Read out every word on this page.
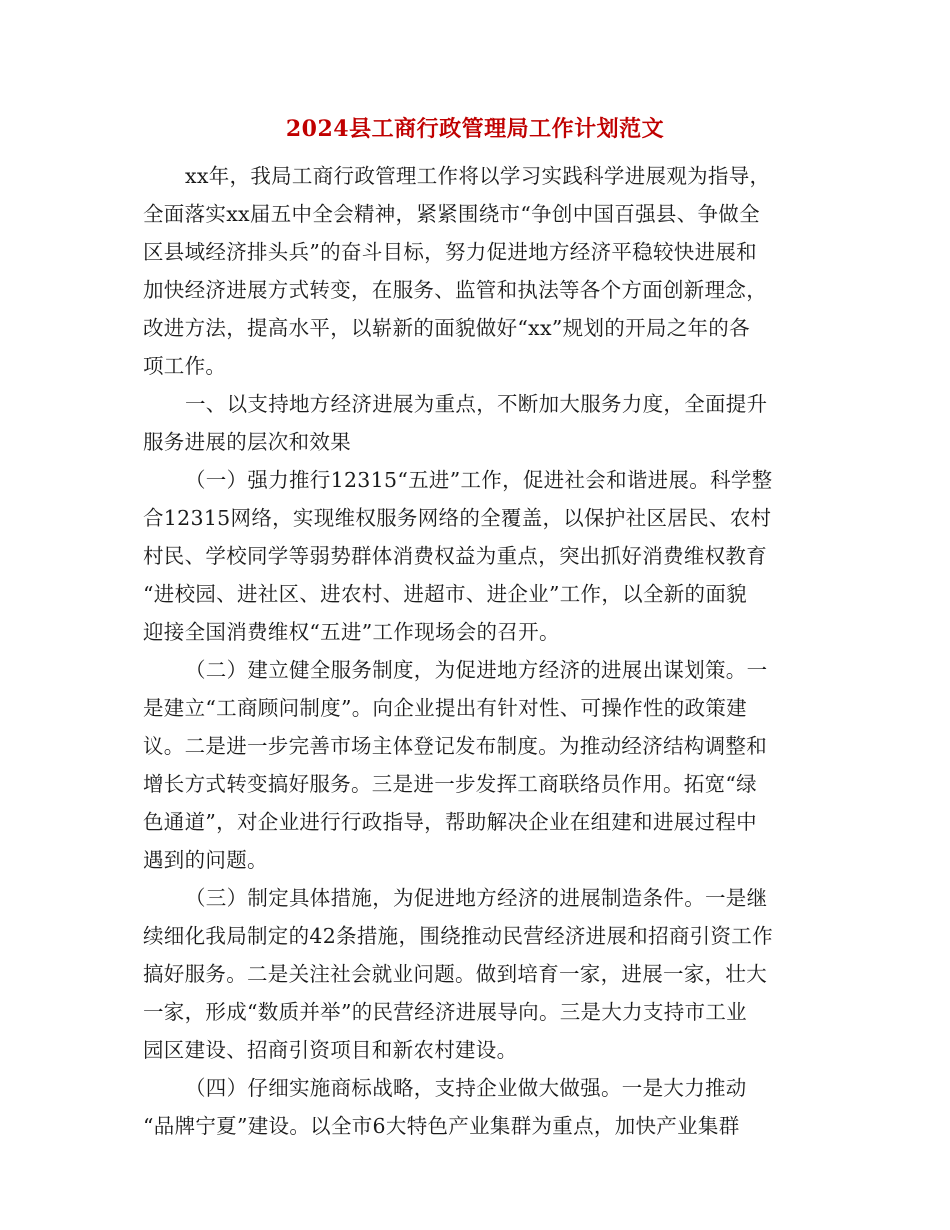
2024县工商行政管理局工作计划范文
xx年，我局工商行政管理工作将以学习实践科学进展观为指导，
全面落实xx届五中全会精神，紧紧围绕市“争创中国百强县、争做全
区县域经济排头兵”的奋斗目标，努力促进地方经济平稳较快进展和
加快经济进展方式转变，在服务、监管和执法等各个方面创新理念，
改进方法，提高水平，以崭新的面貌做好“xx”规划的开局之年的各
项工作。
一、以支持地方经济进展为重点，不断加大服务力度，全面提升
服务进展的层次和效果
（一）强力推行12315“五进”工作，促进社会和谐进展。科学整
合12315网络，实现维权服务网络的全覆盖，以保护社区居民、农村
村民、学校同学等弱势群体消费权益为重点，突出抓好消费维权教育
“进校园、进社区、进农村、进超市、进企业”工作，以全新的面貌
迎接全国消费维权“五进”工作现场会的召开。
（二）建立健全服务制度，为促进地方经济的进展出谋划策。一
是建立“工商顾问制度”。向企业提出有针对性、可操作性的政策建
议。二是进一步完善市场主体登记发布制度。为推动经济结构调整和
增长方式转变搞好服务。三是进一步发挥工商联络员作用。拓宽“绿
色通道”，对企业进行行政指导，帮助解决企业在组建和进展过程中
遇到的问题。
（三）制定具体措施，为促进地方经济的进展制造条件。一是继
续细化我局制定的42条措施，围绕推动民营经济进展和招商引资工作
搞好服务。二是关注社会就业问题。做到培育一家，进展一家，壮大
一家，形成“数质并举”的民营经济进展导向。三是大力支持市工业
园区建设、招商引资项目和新农村建设。
（四）仔细实施商标战略，支持企业做大做强。一是大力推动
“品牌宁夏”建设。以全市6大特色产业集群为重点，加快产业集群
